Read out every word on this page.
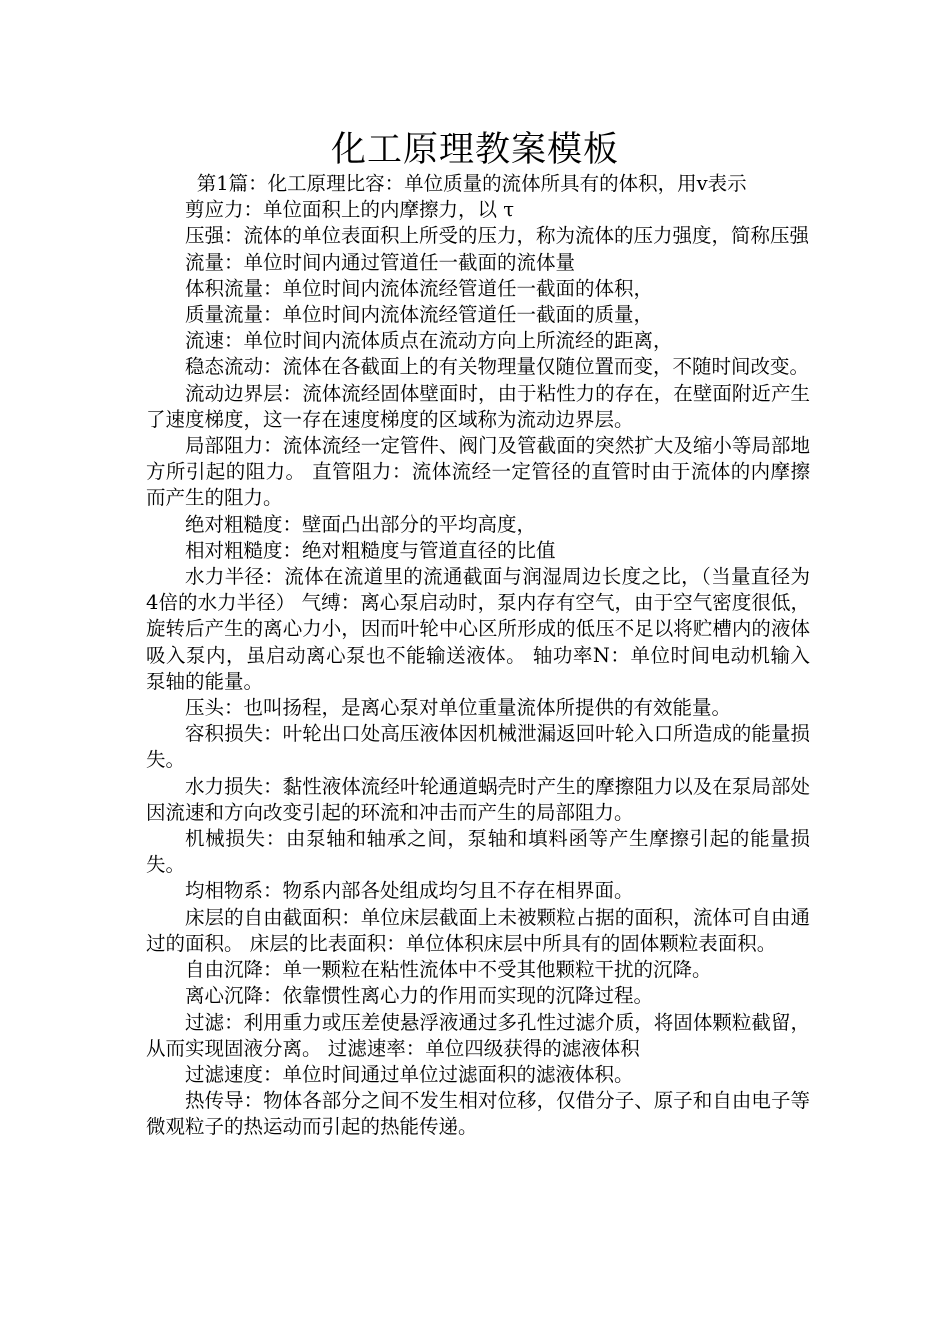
化工原理教案模板

第1篇：化工原理比容：单位质量的流体所具有的体积，用v表示

剪应力：单位面积上的内摩擦力，以 τ

压强：流体的单位表面积上所受的压力，称为流体的压力强度，简称压强

流量：单位时间内通过管道任一截面的流体量

体积流量：单位时间内流体流经管道任一截面的体积，

质量流量：单位时间内流体流经管道任一截面的质量，

流速：单位时间内流体质点在流动方向上所流经的距离，

稳态流动：流体在各截面上的有关物理量仅随位置而变，不随时间改变。

流动边界层：流体流经固体壁面时，由于粘性力的存在，在壁面附近产生了速度梯度，这一存在速度梯度的区域称为流动边界层。

局部阻力：流体流经一定管件、阀门及管截面的突然扩大及缩小等局部地方所引起的阻力。 直管阻力：流体流经一定管径的直管时由于流体的内摩擦而产生的阻力。

绝对粗糙度：壁面凸出部分的平均高度，

相对粗糙度：绝对粗糙度与管道直径的比值

水力半径：流体在流道里的流通截面与润湿周边长度之比，（当量直径为4倍的水力半径） 气缚：离心泵启动时，泵内存有空气，由于空气密度很低，旋转后产生的离心力小，因而叶轮中心区所形成的低压不足以将贮槽内的液体吸入泵内，虽启动离心泵也不能输送液体。 轴功率N：单位时间电动机输入泵轴的能量。

压头：也叫扬程，是离心泵对单位重量流体所提供的有效能量。

容积损失：叶轮出口处高压液体因机械泄漏返回叶轮入口所造成的能量损失。

水力损失：黏性液体流经叶轮通道蜗壳时产生的摩擦阻力以及在泵局部处因流速和方向改变引起的环流和冲击而产生的局部阻力。

机械损失：由泵轴和轴承之间，泵轴和填料函等产生摩擦引起的能量损失。

均相物系：物系内部各处组成均匀且不存在相界面。

床层的自由截面积：单位床层截面上未被颗粒占据的面积，流体可自由通过的面积。 床层的比表面积：单位体积床层中所具有的固体颗粒表面积。

自由沉降：单一颗粒在粘性流体中不受其他颗粒干扰的沉降。

离心沉降：依靠惯性离心力的作用而实现的沉降过程。

过滤：利用重力或压差使悬浮液通过多孔性过滤介质，将固体颗粒截留，从而实现固液分离。 过滤速率：单位四级获得的滤液体积

过滤速度：单位时间通过单位过滤面积的滤液体积。

热传导：物体各部分之间不发生相对位移，仅借分子、原子和自由电子等微观粒子的热运动而引起的热能传递。
